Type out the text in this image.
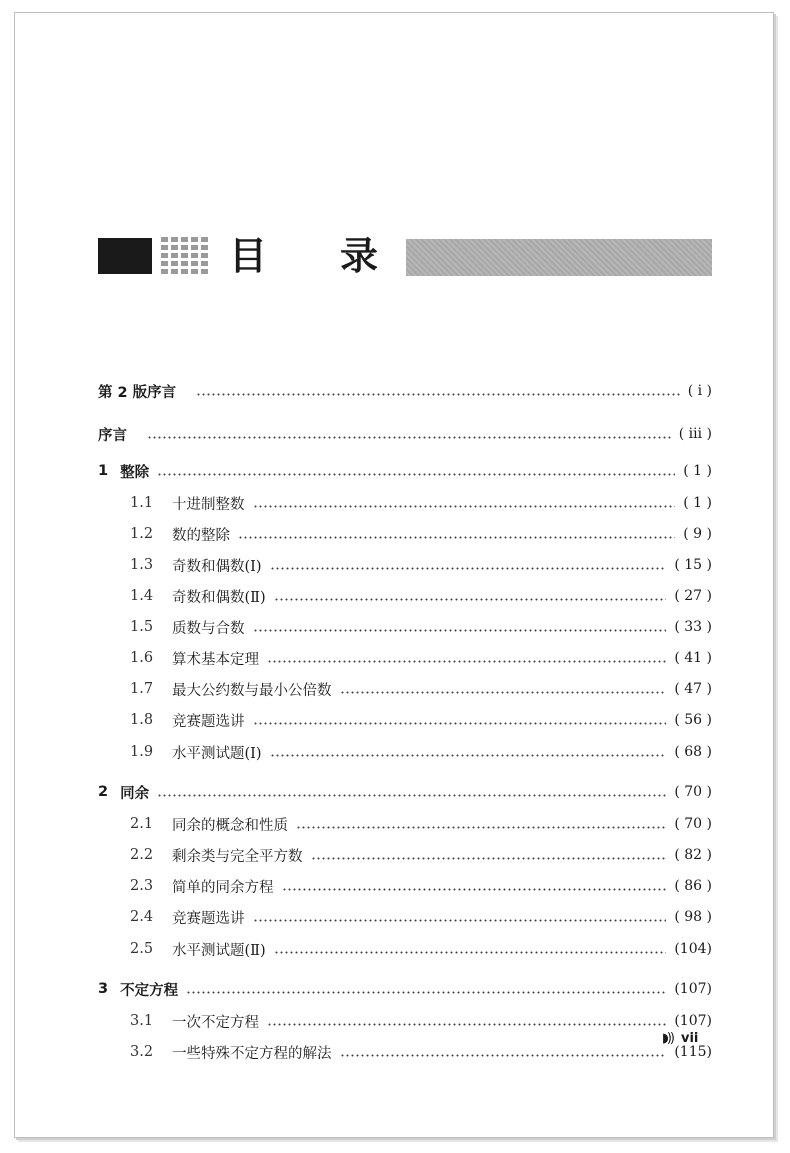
目 录
第 2 版序言	( ⅰ )
序言	( ⅲ )
1 整除	( 1 )
1.1	十进制整数	( 1 )
1.2	数的整除	( 9 )
1.3	奇数和偶数(Ⅰ)	( 15 )
1.4	奇数和偶数(Ⅱ)	( 27 )
1.5	质数与合数	( 33 )
1.6	算术基本定理	( 41 )
1.7	最大公约数与最小公倍数	( 47 )
1.8	竞赛题选讲	( 56 )
1.9	水平测试题(Ⅰ)	( 68 )
2 同余	( 70 )
2.1	同余的概念和性质	( 70 )
2.2	剩余类与完全平方数	( 82 )
2.3	简单的同余方程	( 86 )
2.4	竞赛题选讲	( 98 )
2.5	水平测试题(Ⅱ)	(104)
3 不定方程	(107)
3.1	一次不定方程	(107)
3.2	一些特殊不定方程的解法	(115)
◗)) vii
